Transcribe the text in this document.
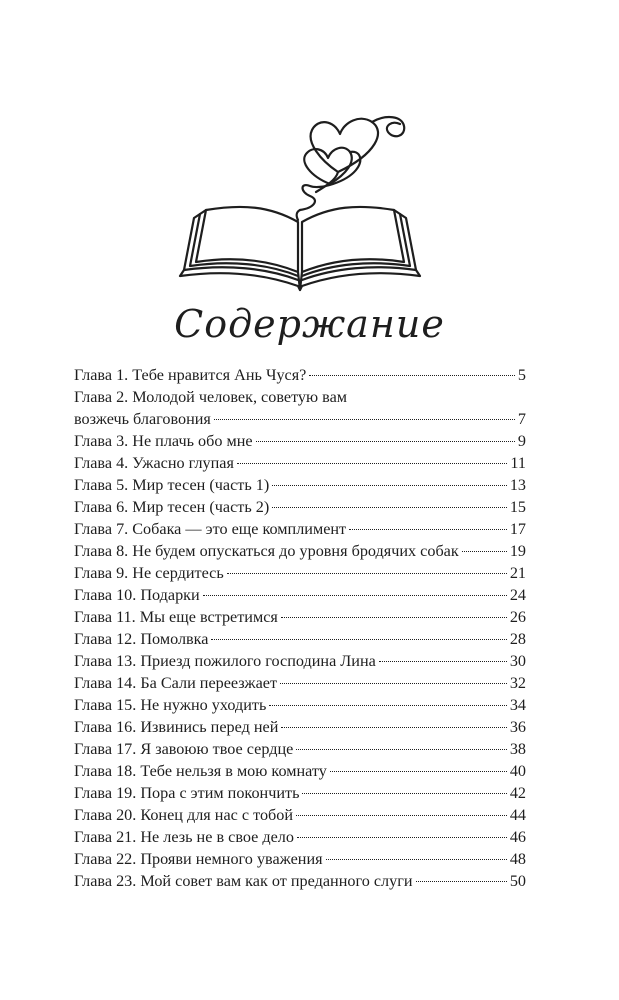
Содержание
Глава 1. Тебе нравится Ань Чуся?	5
Глава 2. Молодой человек, советую вам
возжечь благовония	7
Глава 3. Не плачь обо мне	9
Глава 4. Ужасно глупая	11
Глава 5. Мир тесен (часть 1)	13
Глава 6. Мир тесен (часть 2)	15
Глава 7. Собака — это еще комплимент	17
Глава 8. Не будем опускаться до уровня бродячих собак	19
Глава 9. Не сердитесь	21
Глава 10. Подарки	24
Глава 11. Мы еще встретимся	26
Глава 12. Помолвка	28
Глава 13. Приезд пожилого господина Лина	30
Глава 14. Ба Сали переезжает	32
Глава 15. Не нужно уходить	34
Глава 16. Извинись перед ней	36
Глава 17. Я завоюю твое сердце	38
Глава 18. Тебе нельзя в мою комнату	40
Глава 19. Пора с этим покончить	42
Глава 20. Конец для нас с тобой	44
Глава 21. Не лезь не в свое дело	46
Глава 22. Прояви немного уважения	48
Глава 23. Мой совет вам как от преданного слуги	50
